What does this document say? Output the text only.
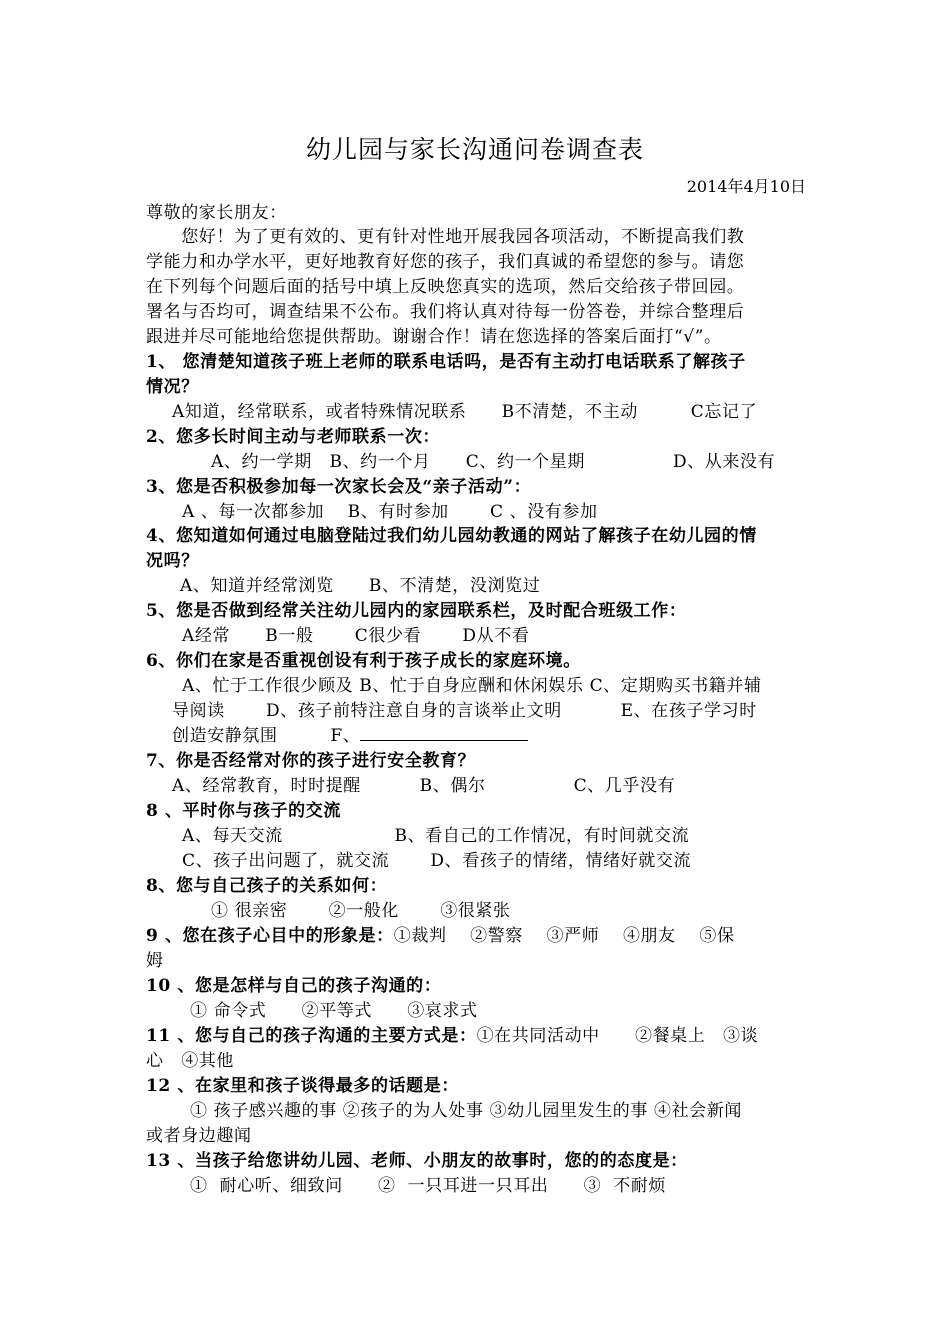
幼儿园与家长沟通问卷调查表
2014年4月10日
尊敬的家长朋友：
　　您好！为了更有效的、更有针对性地开展我园各项活动，不断提高我们教
学能力和办学水平，更好地教育好您的孩子，我们真诚的希望您的参与。请您
在下列每个问题后面的括号中填上反映您真实的选项，然后交给孩子带回园。
署名与否均可，调查结果不公布。我们将认真对待每一份答卷，并综合整理后
跟进并尽可能地给您提供帮助。谢谢合作！请在您选择的答案后面打“√”。
1、 您清楚知道孩子班上老师的联系电话吗，是否有主动打电话联系了解孩子
情况？
A知道，经常联系，或者特殊情况联系　　B不清楚，不主动　　　C忘记了
2、您多长时间主动与老师联系一次：
A、约一学期　B、约一个月　　C、约一个星期　　　　　D、从来没有
3、您是否积极参加每一次家长会及“亲子活动”：
A 、每一次都参加　 B、有时参加　　 C 、没有参加
4、您知道如何通过电脑登陆过我们幼儿园幼教通的网站了解孩子在幼儿园的情
况吗？
A、知道并经常浏览　　B、不清楚，没浏览过
5、您是否做到经常关注幼儿园内的家园联系栏，及时配合班级工作：
A经常　　B一般　　 C很少看　　 D从不看
6、你们在家是否重视创设有利于孩子成长的家庭环境。
A、忙于工作很少顾及 B、忙于自身应酬和休闲娱乐 C、定期购买书籍并辅
导阅读　　 D、孩子前特注意自身的言谈举止文明　　　 E、在孩子学习时
创造安静氛围　　　F、
7、你是否经常对你的孩子进行安全教育？
A、经常教育，时时提醒　　　 B、偶尔　　　　　C、几乎没有
8 、平时你与孩子的交流
A、每天交流　　　　　　 B、看自己的工作情况，有时间就交流
C、孩子出问题了，就交流　　 D、看孩子的情绪，情绪好就交流
8、您与自己孩子的关系如何：
① 很亲密　　 ②一般化　　 ③很紧张
9 、您在孩子心目中的形象是：①裁判　 ②警察　 ③严师　 ④朋友　 ⑤保
姆
10 、您是怎样与自己的孩子沟通的：
① 命令式　　②平等式　　③哀求式
11 、您与自己的孩子沟通的主要方式是：①在共同活动中　　②餐桌上　③谈
心　④其他
12 、在家里和孩子谈得最多的话题是：
① 孩子感兴趣的事 ②孩子的为人处事 ③幼儿园里发生的事 ④社会新闻
或者身边趣闻
13 、当孩子给您讲幼儿园、老师、小朋友的故事时，您的的态度是：
①  耐心听、细致问　　②  一只耳进一只耳出　　③  不耐烦
